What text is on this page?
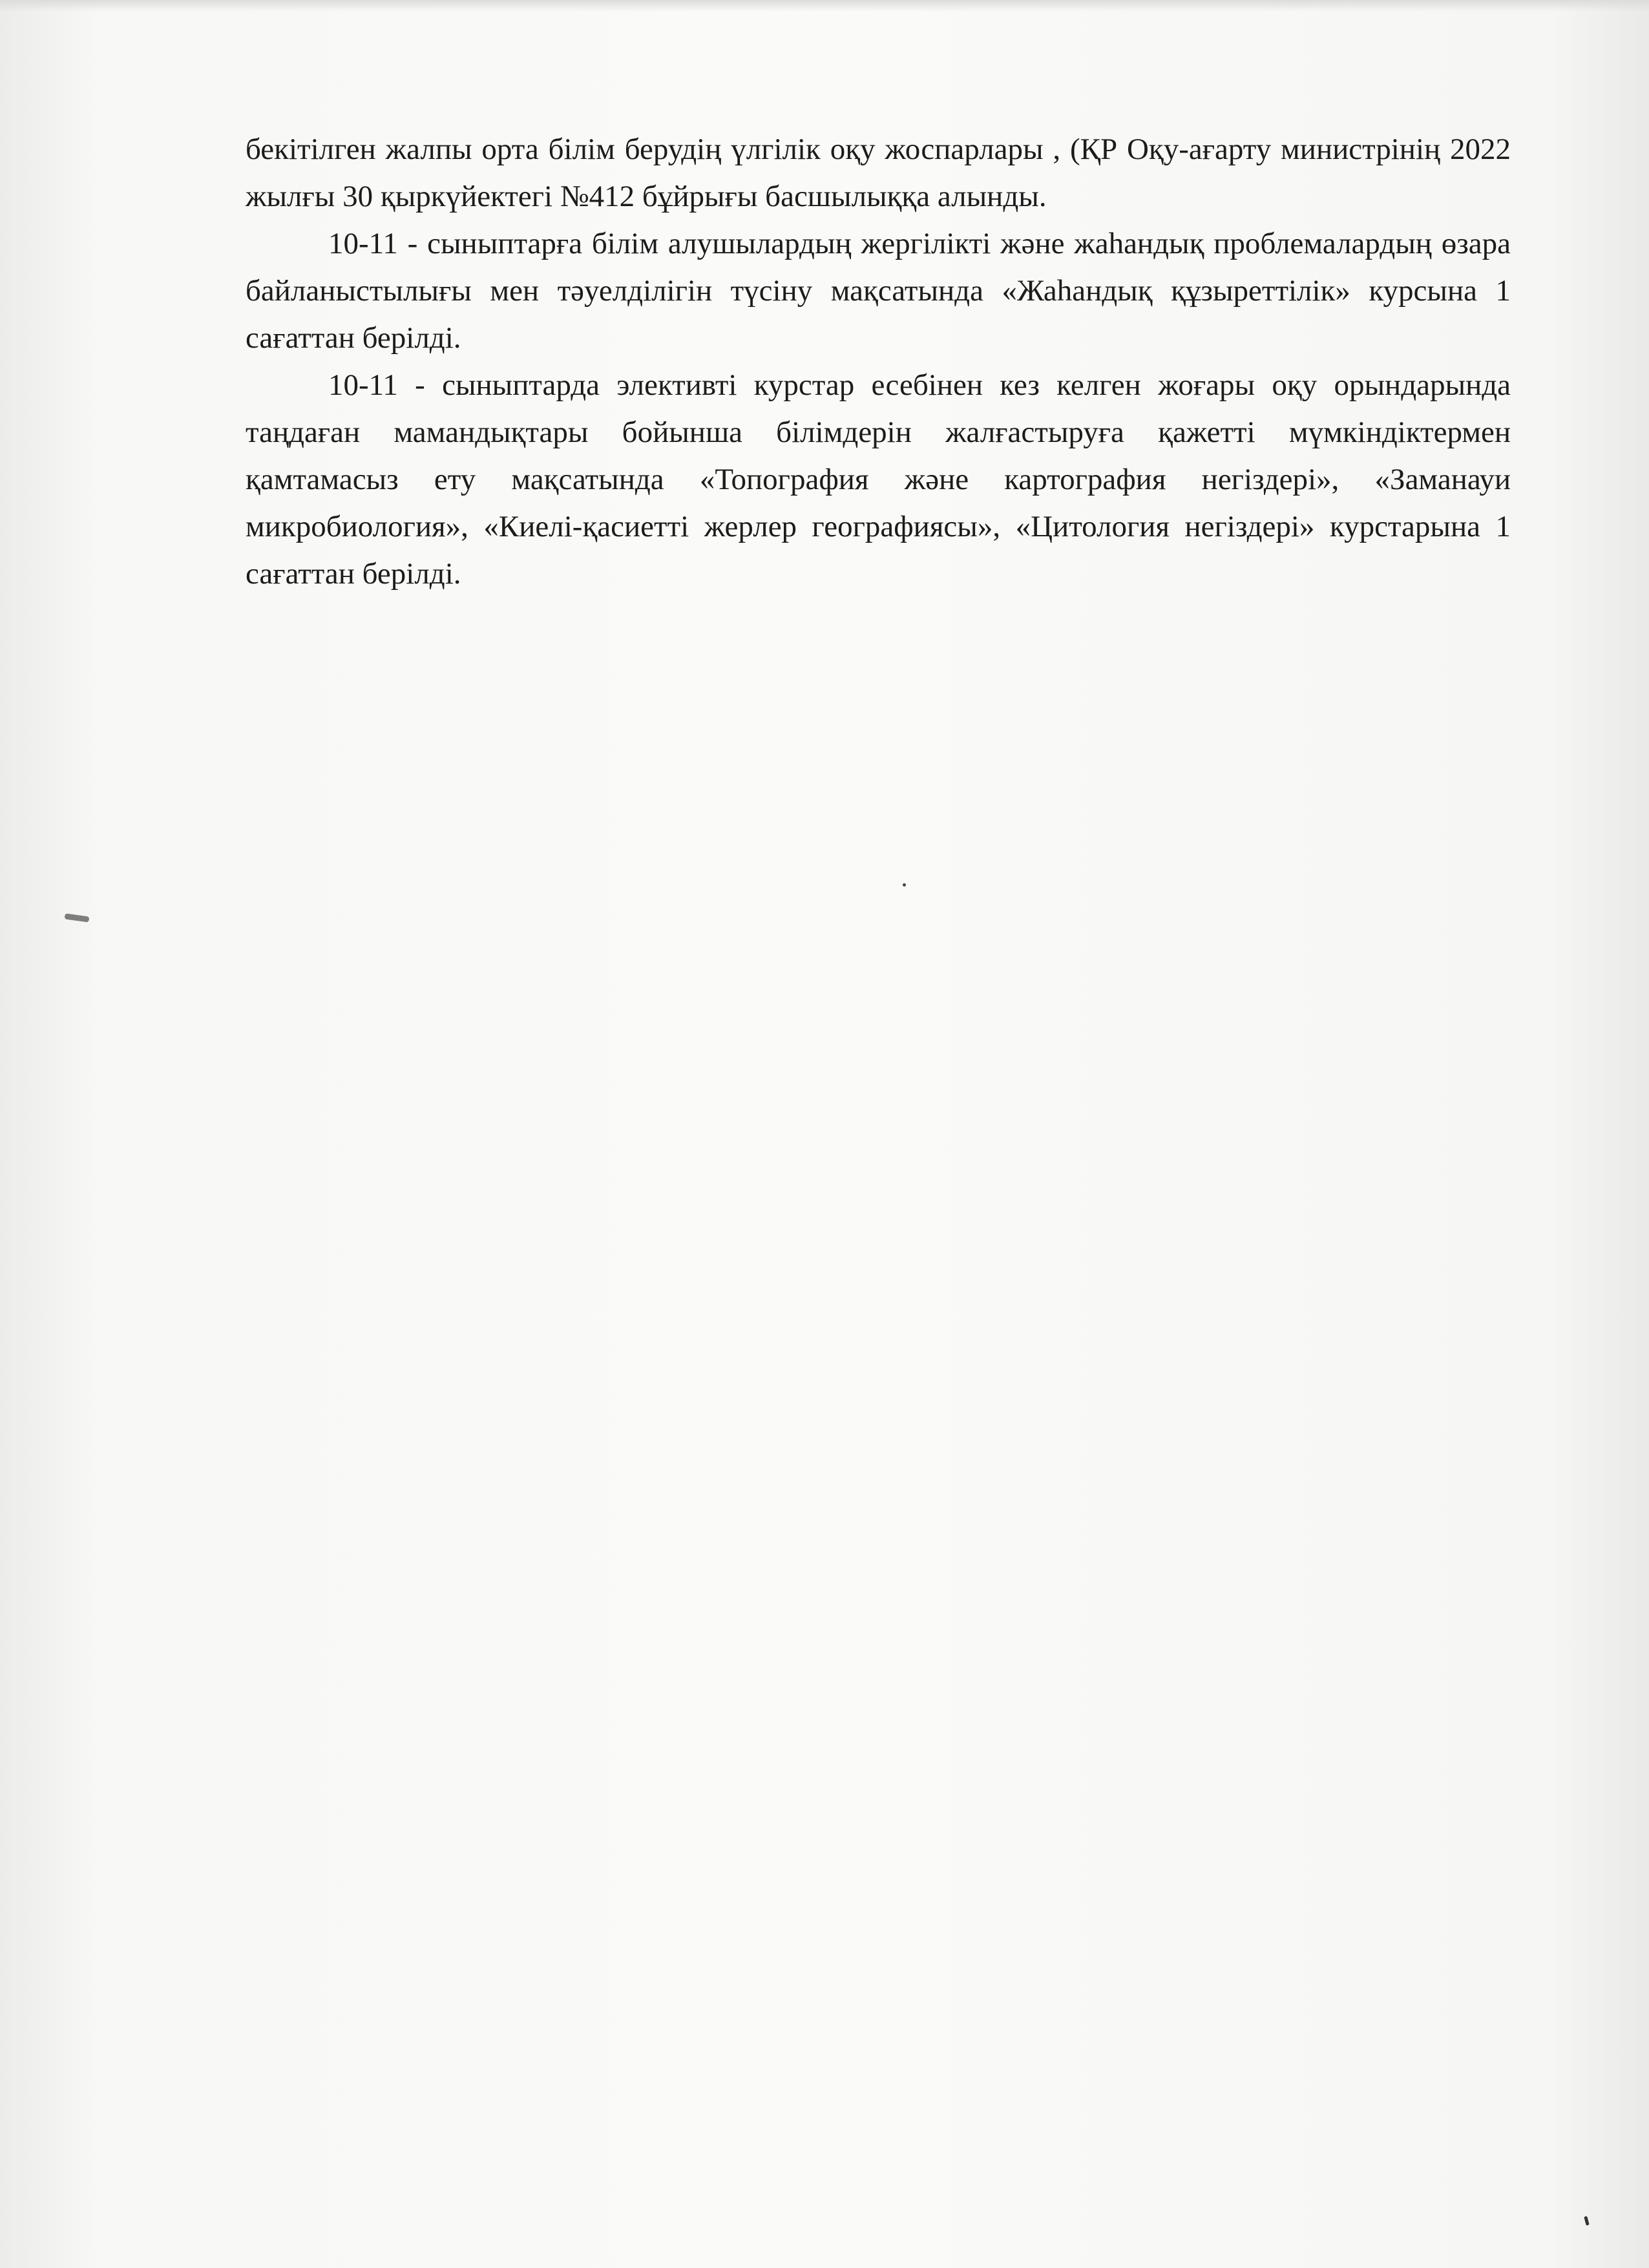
бекітілген жалпы орта білім берудің үлгілік оқу жоспарлары , (ҚР Оқу-ағарту министрінің 2022 жылғы 30 қыркүйектегі №412 бұйрығы басшылыққа алынды.

10-11 - сыныптарға білім алушылардың жергілікті және жаһандық проблемалардың өзара байланыстылығы мен тәуелділігін түсіну мақсатында «Жаһандық құзыреттілік» курсына 1 сағаттан берілді.

10-11 - сыныптарда элективті курстар есебінен кез келген жоғары оқу орындарында таңдаған мамандықтары бойынша білімдерін жалғастыруға қажетті мүмкіндіктермен қамтамасыз ету мақсатында «Топография және картография негіздері», «Заманауи микробиология», «Киелі-қасиетті жерлер географиясы», «Цитология негіздері» курстарына 1 сағаттан берілді.
